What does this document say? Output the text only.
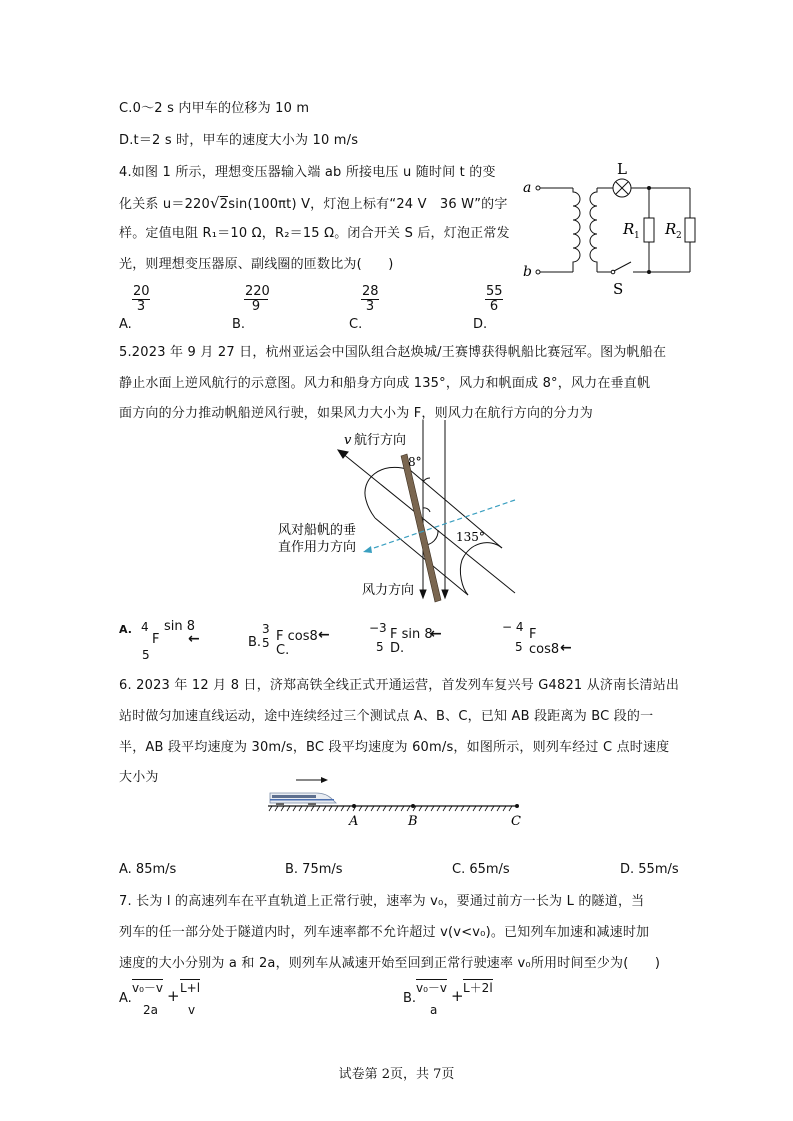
C.0～2 s 内甲车的位移为 10 m
D.t＝2 s 时，甲车的速度大小为 10 m/s
4.如图 1 所示，理想变压器输入端 ab 所接电压 u 随时间 t 的变
化关系 u＝220√2sin(100πt) V，灯泡上标有“24 V　36 W”的字
样。定值电阻 R₁＝10 Ω，R₂＝15 Ω。闭合开关 S 后，灯泡正常发
光，则理想变压器原、副线圈的匝数比为(　　)
a
b
L
R 1 R 2
S
$\frac{20}{3}$
A.
$\frac{220}{9}$
B.
$\frac{28}{3}$
C.
$\frac{55}{6}$
D.
5.2023 年 9 月 27 日，杭州亚运会中国队组合赵焕城/王赛博获得帆船比赛冠军。图为帆船在
静止水面上逆风航行的示意图。风力和船身方向成 135°，风力和帆面成 8°，风力在垂直帆
面方向的分力推动帆船逆风行驶，如果风力大小为 F，则风力在航行方向的分力为
v 航行方向
8°
135°
风对船帆的垂
直作用力方向
风力方向
A. 4
F
sin 8
5
←	B.
3
5 F cos8 ←
C.
−3
5
F sin 8
←
D.
− 4
5
F
cos8 ←
6. 2023 年 12 月 8 日，济郑高铁全线正式开通运营，首发列车复兴号 G4821 从济南长清站出
站时做匀加速直线运动，途中连续经过三个测试点 A、B、C，已知 AB 段距离为 BC 段的一
半，AB 段平均速度为 30m/s，BC 段平均速度为 60m/s，如图所示，则列车经过 C 点时速度
大小为
A	B	C
A. 85m/s	B. 75m/s	C. 65m/s	D. 55m/s
7. 长为 l 的高速列车在平直轨道上正常行驶，速率为 v₀，要通过前方一长为 L 的隧道，当
列车的任一部分处于隧道内时，列车速率都不允许超过 v(v<v₀)。已知列车加速和减速时加
速度的大小分别为 a 和 2a，则列车从减速开始至回到正常行驶速率 v₀所用时间至少为(　　)
A.
v₀－v
2a
+ L+l
v
B.
v₀－v
a
+ L＋2l
试卷第 2页，共 7页
